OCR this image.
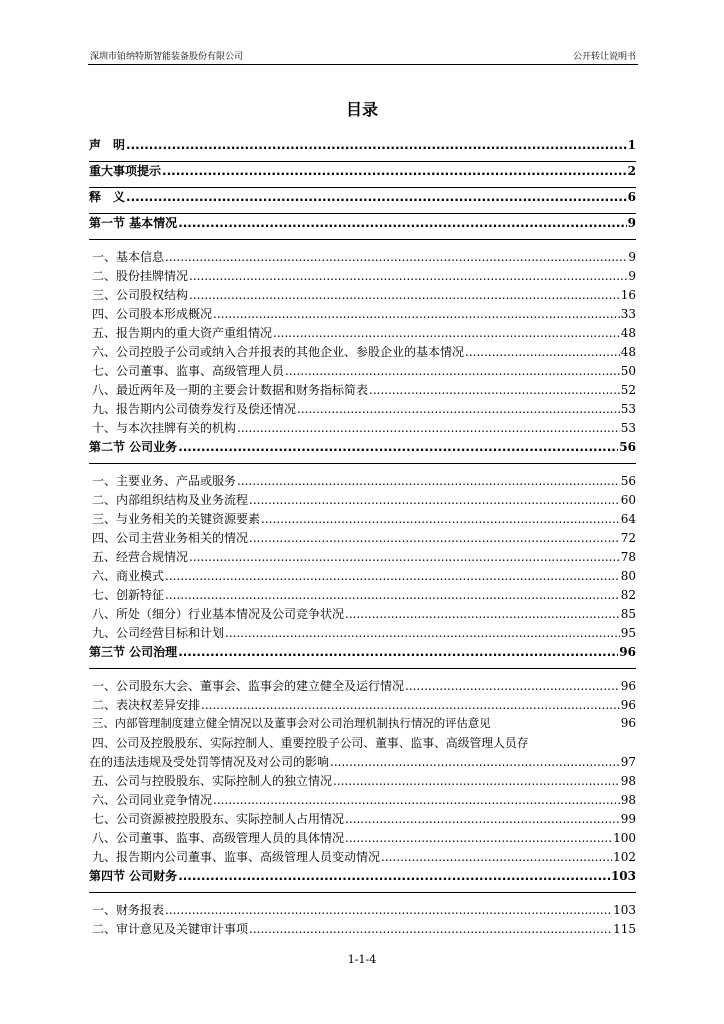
深圳市铂纳特斯智能装备股份有限公司	公开转让说明书
目录
声　明 .....	1
重大事项提示 .....	2
释　义 .....	6
第一节 基本情况 .....	9
一、基本信息 .....	9
二、股份挂牌情况 .....	9
三、公司股权结构 .....	16
四、公司股本形成概况 .....	33
五、报告期内的重大资产重组情况 .....	48
六、公司控股子公司或纳入合并报表的其他企业、参股企业的基本情况 .....	48
七、公司董事、监事、高级管理人员 .....	50
八、最近两年及一期的主要会计数据和财务指标简表 .....	52
九、报告期内公司债券发行及偿还情况 .....	53
十、与本次挂牌有关的机构 .....	53
第二节 公司业务 .....	56
一、主要业务、产品或服务 .....	56
二、内部组织结构及业务流程 .....	60
三、与业务相关的关键资源要素 .....	64
四、公司主营业务相关的情况 .....	72
五、经营合规情况 .....	78
六、商业模式 .....	80
七、创新特征 .....	82
八、所处（细分）行业基本情况及公司竞争状况 .....	85
九、公司经营目标和计划 .....	95
第三节 公司治理 .....	96
一、公司股东大会、董事会、监事会的建立健全及运行情况 .....	96
二、表决权差异安排 .....	96
三、内部管理制度建立健全情况以及董事会对公司治理机制执行情况的评估意见	96
四、公司及控股股东、实际控制人、重要控股子公司、董事、监事、高级管理人员存
在的违法违规及受处罚等情况及对公司的影响 .....	97
五、公司与控股股东、实际控制人的独立情况 .....	98
六、公司同业竞争情况 .....	98
七、公司资源被控股股东、实际控制人占用情况 .....	99
八、公司董事、监事、高级管理人员的具体情况 .....	100
九、报告期内公司董事、监事、高级管理人员变动情况 .....	102
第四节 公司财务 .....	103
一、财务报表 .....	103
二、审计意见及关键审计事项 .....	115
1-1-4
